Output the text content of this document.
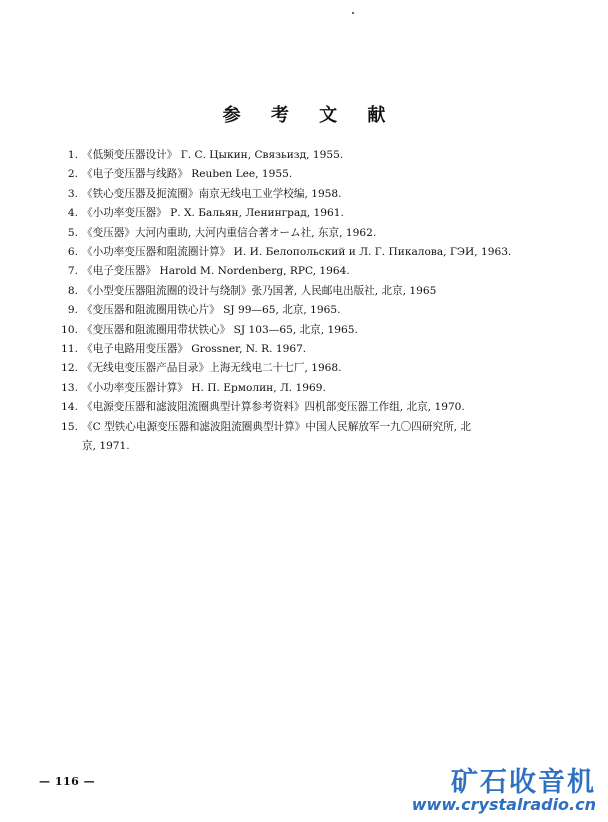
参 考 文 献
1. 《低频变压器设计》 Г. С. Цыкин, Связьизд, 1955.
2. 《电子变压器与线路》 Reuben Lee, 1955.
3. 《铁心变压器及扼流圈》南京无线电工业学校编, 1958.
4. 《小功率变压器》 Р. Х. Бальян, Ленинград, 1961.
5. 《变压器》大河内重助, 大河内重信合著オーム社, 东京, 1962.
6. 《小功率变压器和阻流圈计算》 И. И. Белопольский и Л. Г. Пикалова, ГЭИ, 1963.
7. 《电子变压器》 Harold M. Nordenberg, RPC, 1964.
8. 《小型变压器阻流圈的设计与绕制》张乃国著, 人民邮电出版社, 北京, 1965
9. 《变压器和阻流圈用铁心片》 SJ 99—65, 北京, 1965.
10. 《变压器和阻流圈用带状铁心》 SJ 103—65, 北京, 1965.
11. 《电子电路用变压器》 Grossner, N. R. 1967.
12. 《无线电变压器产品目录》上海无线电二十七厂, 1968.
13. 《小功率变压器计算》 Н. П. Ермолин, Л. 1969.
14. 《电源变压器和滤波阻流圈典型计算参考资料》四机部变压器工作组, 北京, 1970.
15. 《C 型铁心电源变压器和滤波阻流圈典型计算》中国人民解放军一九〇四研究所, 北
京, 1971.
— 116 —	矿石收音机
www.crystalradio.cn
